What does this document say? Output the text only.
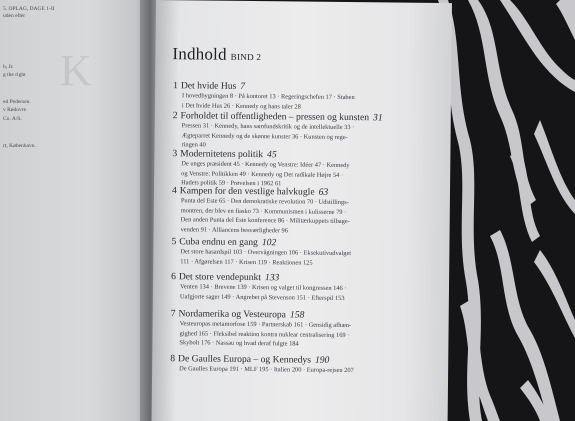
K
5. OPLAG, DAGE 1-II
uden efter
h, Jr.
g the right
ed Pedersen.
v Rødovre
Co. A/S.
rt, København.
Indhold BIND 2
1 Det hvide Hus 7
I hovedbygningen 8 · På kontoret 13 · Regeringschefen 17 · Staben
i Det hvide Hus 26 · Kennedy og hans taler 28
2 Forholdet til offentligheden – pressen og kunsten 31
Pressen 31 · Kennedy, hans samfundskritik og de intellektuelle 33 ·
Ægteparret Kennedy og de skønne kunster 36 · Kunsten og rege-
ringen 40
3 Modernitetens politik 45
De unges præsident 45 · Kennedy og Venstre: Idéer 47 · Kennedy
og Venstre: Politikken 49 · Kennedy og Det radikale Højre 54 ·
Hadets politik 59 · Prøvelsen i 1962 61
4 Kampen for den vestlige halvkugle 63
Punta del Este 65 · Den demokratiske revolution 70 · Udstillings-
montren, der blev en fiasko 73 · Kommunismen i kulisserne 79 ·
Den anden Punta del Este konference 86 · Militærkuppets tilbage-
venden 91 · Alliancens besværligheder 96
5 Cuba endnu en gang 102
Det store hasardspil 103 · Overvågningen 106 · Eksekutivudvalget
111 · Afgørelsen 117 · Krisen 119 · Reaktionen 125
6 Det store vendepunkt 133
Venten 134 · Brevene 139 · Krisen og valget til kongressen 146 ·
Uafgjorte sager 149 · Angrebet på Stevenson 151 · Efterspil 153
7 Nordamerika og Vesteuropa 158
Vesteuropas metamorfose 159 · Partnerskab 161 · Gensidig afhæn-
gighed 165 · Fleksibel reaktion kontra nuklear centralisering 169 ·
Skybolt 176 · Nassau og hvad deraf fulgte 184
8 De Gaulles Europa – og Kennedys 190
De Gaulles Europa 191 · MLF 195 · Italien 200 · Europa-rejsen 207
